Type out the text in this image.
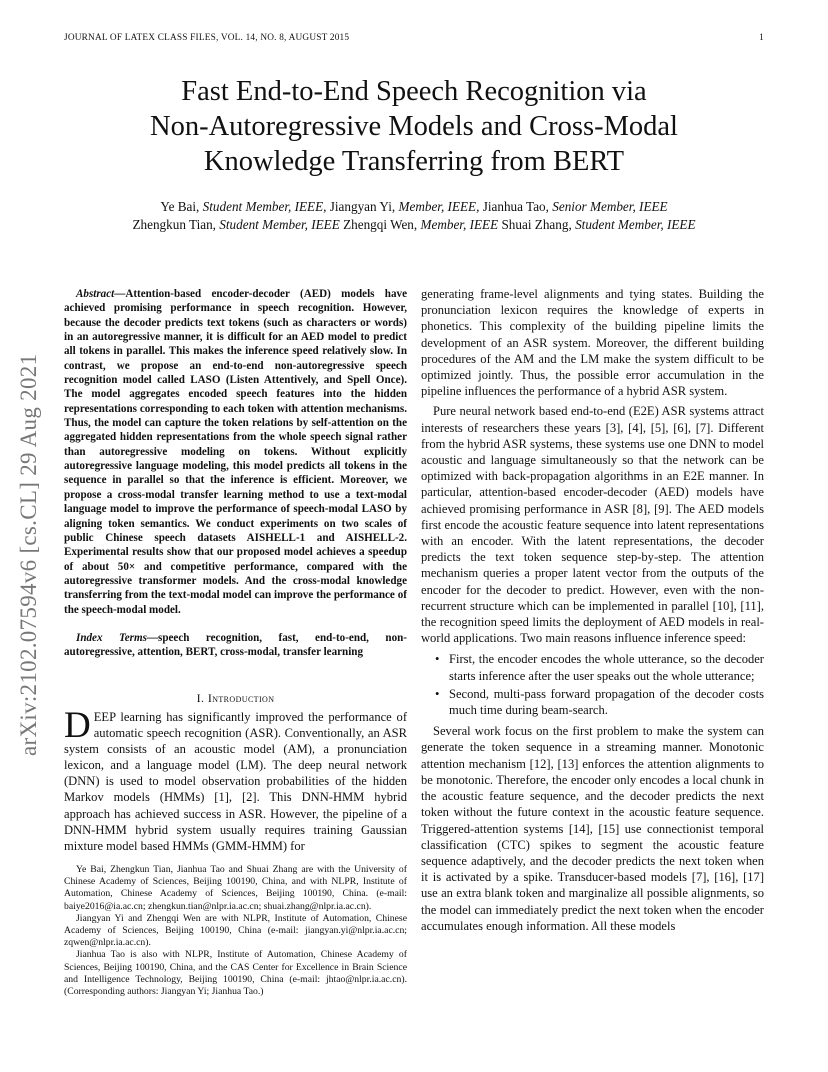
JOURNAL OF LATEX CLASS FILES, VOL. 14, NO. 8, AUGUST 2015	1
Fast End-to-End Speech Recognition via
Non-Autoregressive Models and Cross-Modal
Knowledge Transferring from BERT
Ye Bai, Student Member, IEEE, Jiangyan Yi, Member, IEEE, Jianhua Tao, Senior Member, IEEE
Zhengkun Tian, Student Member, IEEE Zhengqi Wen, Member, IEEE Shuai Zhang, Student Member, IEEE
arXiv:2102.07594v6 [cs.CL] 29 Aug 2021
Abstract—Attention-based encoder-decoder (AED) models have achieved promising performance in speech recognition. However, because the decoder predicts text tokens (such as characters or words) in an autoregressive manner, it is difficult for an AED model to predict all tokens in parallel. This makes the inference speed relatively slow. In contrast, we propose an end-to-end non-autoregressive speech recognition model called LASO (Listen Attentively, and Spell Once). The model aggregates encoded speech features into the hidden representations corresponding to each token with attention mechanisms. Thus, the model can capture the token relations by self-attention on the aggregated hidden representations from the whole speech signal rather than autoregressive modeling on tokens. Without explicitly autoregressive language modeling, this model predicts all tokens in the sequence in parallel so that the inference is efficient. Moreover, we propose a cross-modal transfer learning method to use a text-modal language model to improve the performance of speech-modal LASO by aligning token semantics. We conduct experiments on two scales of public Chinese speech datasets AISHELL-1 and AISHELL-2. Experimental results show that our proposed model achieves a speedup of about 50× and competitive performance, compared with the autoregressive transformer models. And the cross-modal knowledge transferring from the text-modal model can improve the performance of the speech-modal model.
Index Terms—speech recognition, fast, end-to-end, non-autoregressive, attention, BERT, cross-modal, transfer learning
I. Introduction
DEEP learning has significantly improved the performance of automatic speech recognition (ASR). Conventionally, an ASR system consists of an acoustic model (AM), a pronunciation lexicon, and a language model (LM). The deep neural network (DNN) is used to model observation probabilities of the hidden Markov models (HMMs) [1], [2]. This DNN-HMM hybrid approach has achieved success in ASR. However, the pipeline of a DNN-HMM hybrid system usually requires training Gaussian mixture model based HMMs (GMM-HMM) for

Ye Bai, Zhengkun Tian, Jianhua Tao and Shuai Zhang are with the University of Chinese Academy of Sciences, Beijing 100190, China, and with NLPR, Institute of Automation, Chinese Academy of Sciences, Beijing 100190, China. (e-mail: baiye2016@ia.ac.cn; zhengkun.tian@nlpr.ia.ac.cn; shuai.zhang@nlpr.ia.ac.cn).

Jiangyan Yi and Zhengqi Wen are with NLPR, Institute of Automation, Chinese Academy of Sciences, Beijing 100190, China (e-mail: jiangyan.yi@nlpr.ia.ac.cn; zqwen@nlpr.ia.ac.cn).

Jianhua Tao is also with NLPR, Institute of Automation, Chinese Academy of Sciences, Beijing 100190, China, and the CAS Center for Excellence in Brain Science and Intelligence Technology, Beijing 100190, China (e-mail: jhtao@nlpr.ia.ac.cn). (Corresponding authors: Jiangyan Yi; Jianhua Tao.)

generating frame-level alignments and tying states. Building the pronunciation lexicon requires the knowledge of experts in phonetics. This complexity of the building pipeline limits the development of an ASR system. Moreover, the different building procedures of the AM and the LM make the system difficult to be optimized jointly. Thus, the possible error accumulation in the pipeline influences the performance of a hybrid ASR system.

Pure neural network based end-to-end (E2E) ASR systems attract interests of researchers these years [3], [4], [5], [6], [7]. Different from the hybrid ASR systems, these systems use one DNN to model acoustic and language simultaneously so that the network can be optimized with back-propagation algorithms in an E2E manner. In particular, attention-based encoder-decoder (AED) models have achieved promising performance in ASR [8], [9]. The AED models first encode the acoustic feature sequence into latent representations with an encoder. With the latent representations, the decoder predicts the text token sequence step-by-step. The attention mechanism queries a proper latent vector from the outputs of the encoder for the decoder to predict. However, even with the non-recurrent structure which can be implemented in parallel [10], [11], the recognition speed limits the deployment of AED models in real-world applications. Two main reasons influence inference speed:

• First, the encoder encodes the whole utterance, so the decoder starts inference after the user speaks out the whole utterance;
• Second, multi-pass forward propagation of the decoder costs much time during beam-search.

Several work focus on the first problem to make the system can generate the token sequence in a streaming manner. Monotonic attention mechanism [12], [13] enforces the attention alignments to be monotonic. Therefore, the encoder only encodes a local chunk in the acoustic feature sequence, and the decoder predicts the next token without the future context in the acoustic feature sequence. Triggered-attention systems [14], [15] use connectionist temporal classification (CTC) spikes to segment the acoustic feature sequence adaptively, and the decoder predicts the next token when it is activated by a spike. Transducer-based models [7], [16], [17] use an extra blank token and marginalize all possible alignments, so the model can immediately predict the next token when the encoder accumulates enough information. All these models
